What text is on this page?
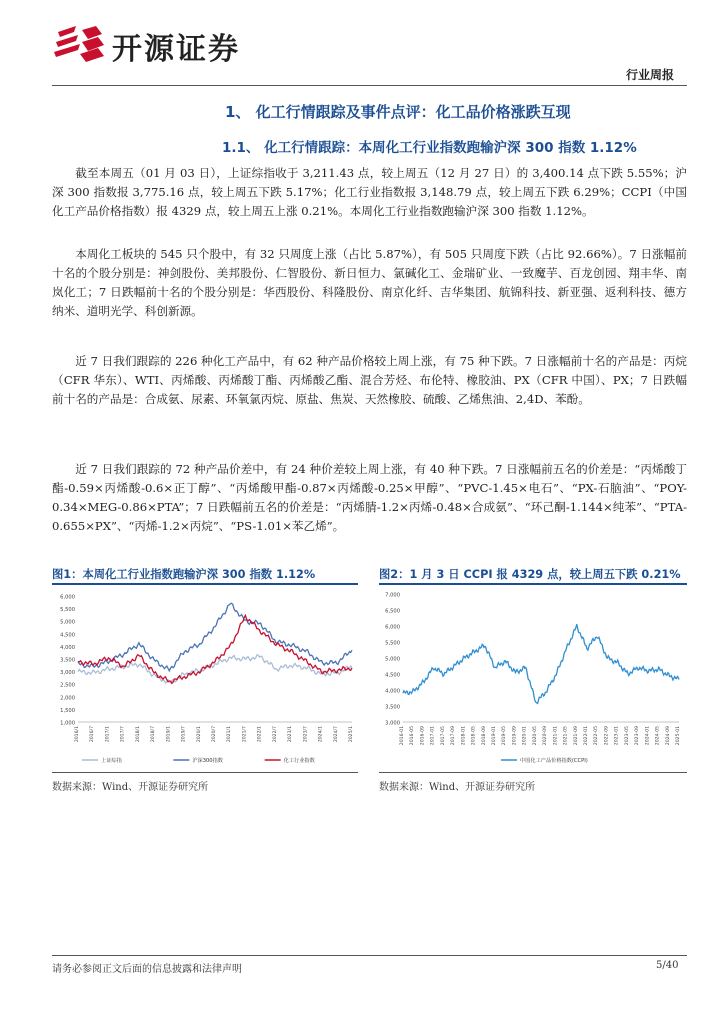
开源证券
行业周报
1、 化工行情跟踪及事件点评：化工品价格涨跌互现
1.1、 化工行情跟踪：本周化工行业指数跑输沪深 300 指数 1.12%

截至本周五（01 月 03 日），上证综指收于 3,211.43 点，较上周五（12 月 27 日）的 3,400.14 点下跌 5.55%；沪深 300 指数报 3,775.16 点，较上周五下跌 5.17%；化工行业指数报 3,148.79 点，较上周五下跌 6.29%；CCPI（中国化工产品价格指数）报 4329 点，较上周五上涨 0.21%。本周化工行业指数跑输沪深 300 指数 1.12%。

本周化工板块的 545 只个股中，有 32 只周度上涨（占比 5.87%），有 505 只周度下跌（占比 92.66%）。7 日涨幅前十名的个股分别是：神剑股份、美邦股份、仁智股份、新日恒力、氯碱化工、金瑞矿业、一致魔芋、百龙创园、翔丰华、南岚化工；7 日跌幅前十名的个股分别是：华西股份、科隆股份、南京化纤、吉华集团、航锦科技、新亚强、返利科技、德方纳米、道明光学、科创新源。

近 7 日我们跟踪的 226 种化工产品中，有 62 种产品价格较上周上涨，有 75 种下跌。7 日涨幅前十名的产品是：丙烷（CFR 华东）、WTI、丙烯酸、丙烯酸丁酯、丙烯酸乙酯、混合芳烃、布伦特、橡胶油、PX（CFR 中国）、PX；7 日跌幅前十名的产品是：合成氨、尿素、环氧氯丙烷、原盐、焦炭、天然橡胶、硫酸、乙烯焦油、2,4D、苯酚。

近 7 日我们跟踪的 72 种产品价差中，有 24 种价差较上周上涨，有 40 种下跌。7 日涨幅前五名的价差是：“丙烯酸丁酯-0.59×丙烯酸-0.6×正丁醇”、“丙烯酸甲酯-0.87×丙烯酸-0.25×甲醇”、“PVC-1.45×电石”、“PX-石脑油”、“POY-0.34×MEG-0.86×PTA”；7 日跌幅前五名的价差是：“丙烯腈-1.2×丙烯-0.48×合成氨”、“环己酮-1.144×纯苯”、“PTA-0.655×PX”、“丙烯-1.2×丙烷”、“PS-1.01×苯乙烯”。

图1：本周化工行业指数跑输沪深 300 指数 1.12%	图2：1 月 3 日 CCPI 报 4329 点，较上周五下跌 0.21%
1,000
1,500
2,000
2,500
3,000
3,500
4,000
4,500
5,000
5,500
6,000
2016/1 2016/7 2017/1 2017/7 2018/1 2018/7 2019/1 2019/7 2020/1 2020/7 2021/1 2021/7 2022/1 2022/7 2023/1 2023/7 2024/1 2024/7 2025/1
上证综指	沪深300指数	化工行业指数
3,000
3,500
4,000
4,500
5,000
5,500
6,000
6,500
7,000
2016-01 2016-05 2016-09 2017-01 2017-05 2017-09 2018-01 2018-05 2018-09 2019-01 2019-05 2019-09 2020-01 2020-05 2020-09 2021-01 2021-05 2021-09 2022-01 2022-05 2022-09 2023-01 2023-05 2023-09 2024-01 2024-05 2024-09 2025-01
中国化工产品价格指数(CCPI)
数据来源：Wind、开源证券研究所	数据来源：Wind、开源证券研究所
请务必参阅正文后面的信息披露和法律声明	5/40
